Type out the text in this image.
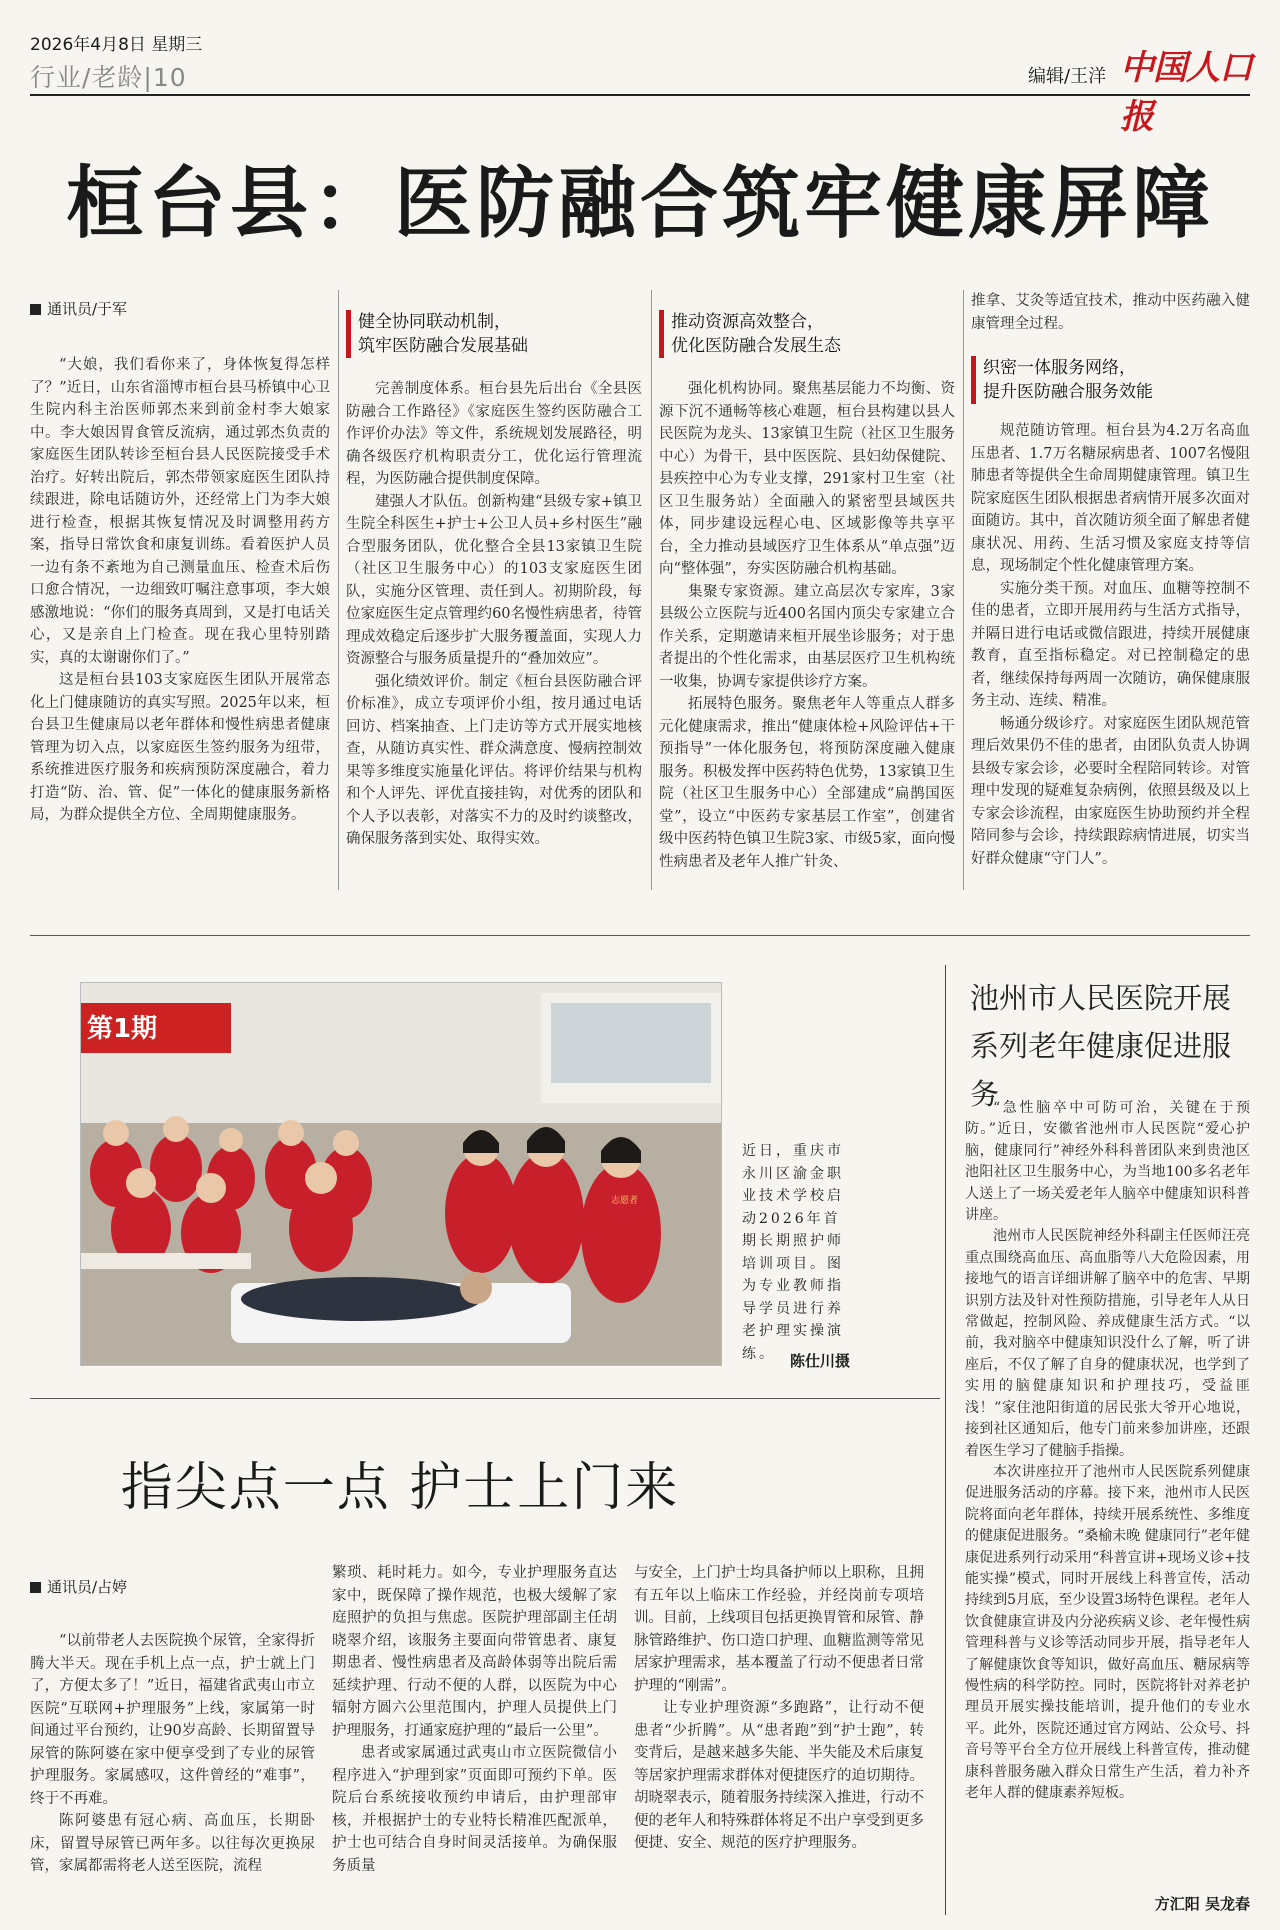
2026年4月8日 星期三
行业/老龄|10	编辑/王洋 中国人口报
桓台县：医防融合筑牢健康屏障
通讯员/于军

“大娘，我们看你来了，身体恢复得怎样了？”近日，山东省淄博市桓台县马桥镇中心卫生院内科主治医师郭杰来到前金村李大娘家中。李大娘因胃食管反流病，通过郭杰负责的家庭医生团队转诊至桓台县人民医院接受手术治疗。好转出院后，郭杰带领家庭医生团队持续跟进，除电话随访外，还经常上门为李大娘进行检查，根据其恢复情况及时调整用药方案，指导日常饮食和康复训练。看着医护人员一边有条不紊地为自己测量血压、检查术后伤口愈合情况，一边细致叮嘱注意事项，李大娘感激地说：“你们的服务真周到，又是打电话关心，又是亲自上门检查。现在我心里特别踏实，真的太谢谢你们了。”

这是桓台县103支家庭医生团队开展常态化上门健康随访的真实写照。2025年以来，桓台县卫生健康局以老年群体和慢性病患者健康管理为切入点，以家庭医生签约服务为纽带，系统推进医疗服务和疾病预防深度融合，着力打造“防、治、管、促”一体化的健康服务新格局，为群众提供全方位、全周期健康服务。

健全协同联动机制，
筑牢医防融合发展基础

完善制度体系。桓台县先后出台《全县医防融合工作路径》《家庭医生签约医防融合工作评价办法》等文件，系统规划发展路径，明确各级医疗机构职责分工，优化运行管理流程，为医防融合提供制度保障。

建强人才队伍。创新构建“县级专家+镇卫生院全科医生+护士+公卫人员+乡村医生”融合型服务团队，优化整合全县13家镇卫生院（社区卫生服务中心）的103支家庭医生团队，实施分区管理、责任到人。初期阶段，每位家庭医生定点管理约60名慢性病患者，待管理成效稳定后逐步扩大服务覆盖面，实现人力资源整合与服务质量提升的“叠加效应”。

强化绩效评价。制定《桓台县医防融合评价标准》，成立专项评价小组，按月通过电话回访、档案抽查、上门走访等方式开展实地核查，从随访真实性、群众满意度、慢病控制效果等多维度实施量化评估。将评价结果与机构和个人评先、评优直接挂钩，对优秀的团队和个人予以表彰，对落实不力的及时约谈整改，确保服务落到实处、取得实效。

推动资源高效整合，
优化医防融合发展生态

强化机构协同。聚焦基层能力不均衡、资源下沉不通畅等核心难题，桓台县构建以县人民医院为龙头、13家镇卫生院（社区卫生服务中心）为骨干，县中医医院、县妇幼保健院、县疾控中心为专业支撑，291家村卫生室（社区卫生服务站）全面融入的紧密型县域医共体，同步建设远程心电、区域影像等共享平台，全力推动县域医疗卫生体系从“单点强”迈向“整体强”，夯实医防融合机构基础。

集聚专家资源。建立高层次专家库，3家县级公立医院与近400名国内顶尖专家建立合作关系，定期邀请来桓开展坐诊服务；对于患者提出的个性化需求，由基层医疗卫生机构统一收集，协调专家提供诊疗方案。

拓展特色服务。聚焦老年人等重点人群多元化健康需求，推出“健康体检+风险评估+干预指导”一体化服务包，将预防深度融入健康服务。积极发挥中医药特色优势，13家镇卫生院（社区卫生服务中心）全部建成“扁鹊国医堂”，设立“中医药专家基层工作室”，创建省级中医药特色镇卫生院3家、市级5家，面向慢性病患者及老年人推广针灸、

推拿、艾灸等适宜技术，推动中医药融入健康管理全过程。

织密一体服务网络，
提升医防融合服务效能

规范随访管理。桓台县为4.2万名高血压患者、1.7万名糖尿病患者、1007名慢阻肺患者等提供全生命周期健康管理。镇卫生院家庭医生团队根据患者病情开展多次面对面随访。其中，首次随访须全面了解患者健康状况、用药、生活习惯及家庭支持等信息，现场制定个性化健康管理方案。

实施分类干预。对血压、血糖等控制不佳的患者，立即开展用药与生活方式指导，并隔日进行电话或微信跟进，持续开展健康教育，直至指标稳定。对已控制稳定的患者，继续保持每两周一次随访，确保健康服务主动、连续、精准。

畅通分级诊疗。对家庭医生团队规范管理后效果仍不佳的患者，由团队负责人协调县级专家会诊，必要时全程陪同转诊。对管理中发现的疑难复杂病例，依照县级及以上专家会诊流程，由家庭医生协助预约并全程陪同参与会诊，持续跟踪病情进展，切实当好群众健康“守门人”。

第1期
志愿者
近日，重庆市永川区渝金职业技术学校启动2026年首期长期照护师培训项目。图为专业教师指导学员进行养老护理实操演练。 陈仕川摄
指尖点一点 护士上门来
通讯员/占婷

“以前带老人去医院换个尿管，全家得折腾大半天。现在手机上点一点，护士就上门了，方便太多了！”近日，福建省武夷山市立医院“互联网+护理服务”上线，家属第一时间通过平台预约，让90岁高龄、长期留置导尿管的陈阿婆在家中便享受到了专业的尿管护理服务。家属感叹，这件曾经的“难事”，终于不再难。

陈阿婆患有冠心病、高血压，长期卧床，留置导尿管已两年多。以往每次更换尿管，家属都需将老人送至医院，流程

繁琐、耗时耗力。如今，专业护理服务直达家中，既保障了操作规范，也极大缓解了家庭照护的负担与焦虑。医院护理部副主任胡晓翠介绍，该服务主要面向带管患者、康复期患者、慢性病患者及高龄体弱等出院后需延续护理、行动不便的人群，以医院为中心辐射方圆六公里范围内，护理人员提供上门护理服务，打通家庭护理的“最后一公里”。

患者或家属通过武夷山市立医院微信小程序进入“护理到家”页面即可预约下单。医院后台系统接收预约申请后，由护理部审核，并根据护士的专业特长精准匹配派单，护士也可结合自身时间灵活接单。为确保服务质量

与安全，上门护士均具备护师以上职称，且拥有五年以上临床工作经验，并经岗前专项培训。目前，上线项目包括更换胃管和尿管、静脉管路维护、伤口造口护理、血糖监测等常见居家护理需求，基本覆盖了行动不便患者日常护理的“刚需”。

让专业护理资源“多跑路”，让行动不便患者“少折腾”。从“患者跑”到“护士跑”，转变背后，是越来越多失能、半失能及术后康复等居家护理需求群体对便捷医疗的迫切期待。胡晓翠表示，随着服务持续深入推进，行动不便的老年人和特殊群体将足不出户享受到更多便捷、安全、规范的医疗护理服务。

池州市人民医院开展
系列老年健康促进服务

“急性脑卒中可防可治，关键在于预防。”近日，安徽省池州市人民医院“爱心护脑，健康同行”神经外科科普团队来到贵池区池阳社区卫生服务中心，为当地100多名老年人送上了一场关爱老年人脑卒中健康知识科普讲座。

池州市人民医院神经外科副主任医师汪亮重点围绕高血压、高血脂等八大危险因素，用接地气的语言详细讲解了脑卒中的危害、早期识别方法及针对性预防措施，引导老年人从日常做起，控制风险、养成健康生活方式。“以前，我对脑卒中健康知识没什么了解，听了讲座后，不仅了解了自身的健康状况，也学到了实用的脑健康知识和护理技巧，受益匪浅！”家住池阳街道的居民张大爷开心地说，接到社区通知后，他专门前来参加讲座，还跟着医生学习了健脑手指操。

本次讲座拉开了池州市人民医院系列健康促进服务活动的序幕。接下来，池州市人民医院将面向老年群体，持续开展系统性、多维度的健康促进服务。“桑榆未晚 健康同行”老年健康促进系列行动采用“科普宣讲+现场义诊+技能实操”模式，同时开展线上科普宣传，活动持续到5月底，至少设置3场特色课程。老年人饮食健康宣讲及内分泌疾病义诊、老年慢性病管理科普与义诊等活动同步开展，指导老年人了解健康饮食等知识，做好高血压、糖尿病等慢性病的科学防控。同时，医院将针对养老护理员开展实操技能培训，提升他们的专业水平。此外，医院还通过官方网站、公众号、抖音号等平台全方位开展线上科普宣传，推动健康科普服务融入群众日常生产生活，着力补齐老年人群的健康素养短板。

方汇阳 吴龙春
